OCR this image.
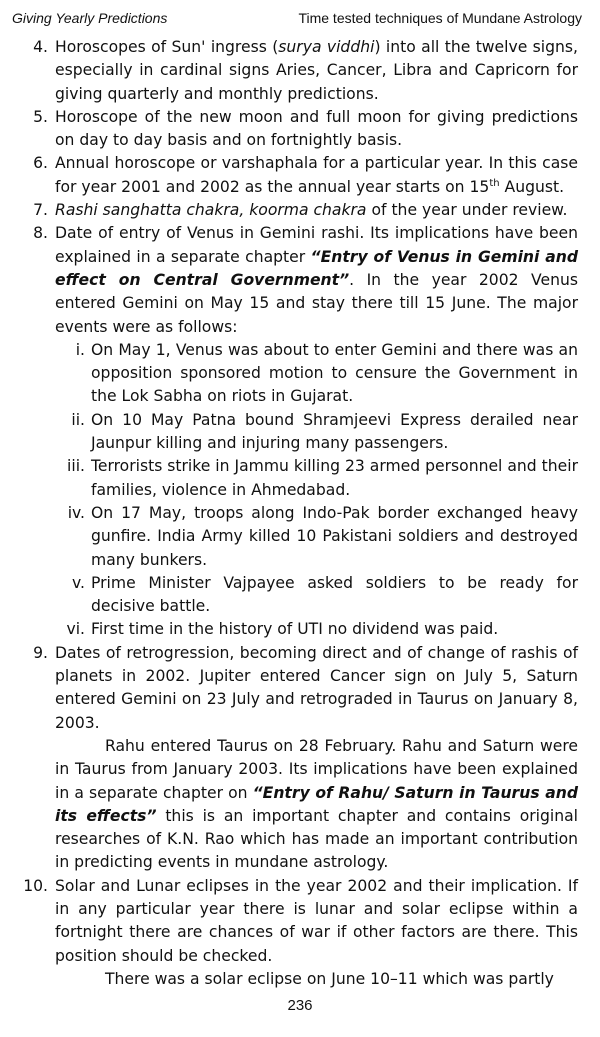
Giving Yearly Predictions	Time tested techniques of Mundane Astrology
4. Horoscopes of Sun' ingress (surya viddhi) into all the twelve signs, especially in cardinal signs Aries, Cancer, Libra and Capricorn for giving quarterly and monthly predictions.
5. Horoscope of the new moon and full moon for giving predictions on day to day basis and on fortnightly basis.
6. Annual horoscope or varshaphala for a particular year. In this case for year 2001 and 2002 as the annual year starts on 15th August.
7. Rashi sanghatta chakra, koorma chakra of the year under review.
8. Date of entry of Venus in Gemini rashi. Its implications have been explained in a separate chapter “Entry of Venus in Gemini and effect on Central Government”. In the year 2002 Venus entered Gemini on May 15 and stay there till 15 June. The major events were as follows:
i. On May 1, Venus was about to enter Gemini and there was an opposition sponsored motion to censure the Government in the Lok Sabha on riots in Gujarat.
ii. On 10 May Patna bound Shramjeevi Express derailed near Jaunpur killing and injuring many passengers.
iii. Terrorists strike in Jammu killing 23 armed personnel and their families, violence in Ahmedabad.
iv. On 17 May, troops along Indo-Pak border exchanged heavy gunfire. India Army killed 10 Pakistani soldiers and destroyed many bunkers.
v. Prime Minister Vajpayee asked soldiers to be ready for decisive battle.
vi. First time in the history of UTI no dividend was paid.
9. Dates of retrogression, becoming direct and of change of rashis of planets in 2002. Jupiter entered Cancer sign on July 5, Saturn entered Gemini on 23 July and retrograded in Taurus on January 8, 2003.
Rahu entered Taurus on 28 February. Rahu and Saturn were in Taurus from January 2003. Its implications have been explained in a separate chapter on “Entry of Rahu/ Saturn in Taurus and its effects” this is an important chapter and contains original researches of K.N. Rao which has made an important contribution in predicting events in mundane astrology.
10. Solar and Lunar eclipses in the year 2002 and their implication. If in any particular year there is lunar and solar eclipse within a fortnight there are chances of war if other factors are there. This position should be checked.
There was a solar eclipse on June 10–11 which was partly
236
